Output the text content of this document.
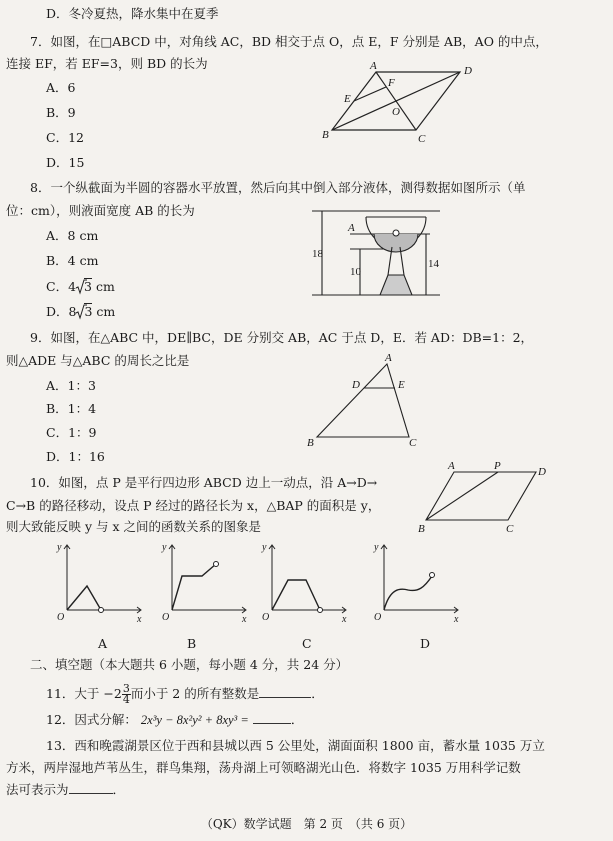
D．冬冷夏热，降水集中在夏季
7．如图，在□ABCD 中，对角线 AC，BD 相交于点 O，点 E，F 分别是 AB，AO 的中点，
连接 EF，若 EF=3，则 BD 的长为
A．6
B．9
C．12
D．15
A	D
B	C
E
F
O
8．一个纵截面为半圆的容器水平放置，然后向其中倒入部分液体，测得数据如图所示（单
位：cm），则液面宽度 AB 的长为
A．8 cm
B．4 cm
C．4 3 cm
D．8 3 cm
A
18
10
14
9．如图，在△ABC 中，DE∥BC，DE 分别交 AB，AC 于点 D，E．若 AD：DB=1：2，
则△ADE 与△ABC 的周长之比是
A．1：3
B．1：4
C．1：9
D．1：16
A
D	E
B	C
10．如图，点 P 是平行四边形 ABCD 边上一动点，沿 A→D→
C→B 的路径移动，设点 P 经过的路径长为 x，△BAP 的面积是 y，
则大致能反映 y 与 x 之间的函数关系的图象是
A	P	D
B	C
y
x
O
y
x
O
y
x
O
y
x
O
A	B	C	D
二、填空题（本大题共 6 小题，每小题 4 分，共 24 分）
11．大于 $-2 \frac{3}{4}$ 而小于 2 的所有整数是	．
12．因式分解： 2x³y − 8x²y² + 8xy³ =	．
13．西和晚霞湖景区位于西和县城以西 5 公里处，湖面面积 1800 亩，蓄水量 1035 万立
方米，两岸湿地芦苇丛生，群鸟集翔，荡舟湖上可领略湖光山色．将数字 1035 万用科学记数
法可表示为	．
（QK）数学试题　第 2 页　（共 6 页）
